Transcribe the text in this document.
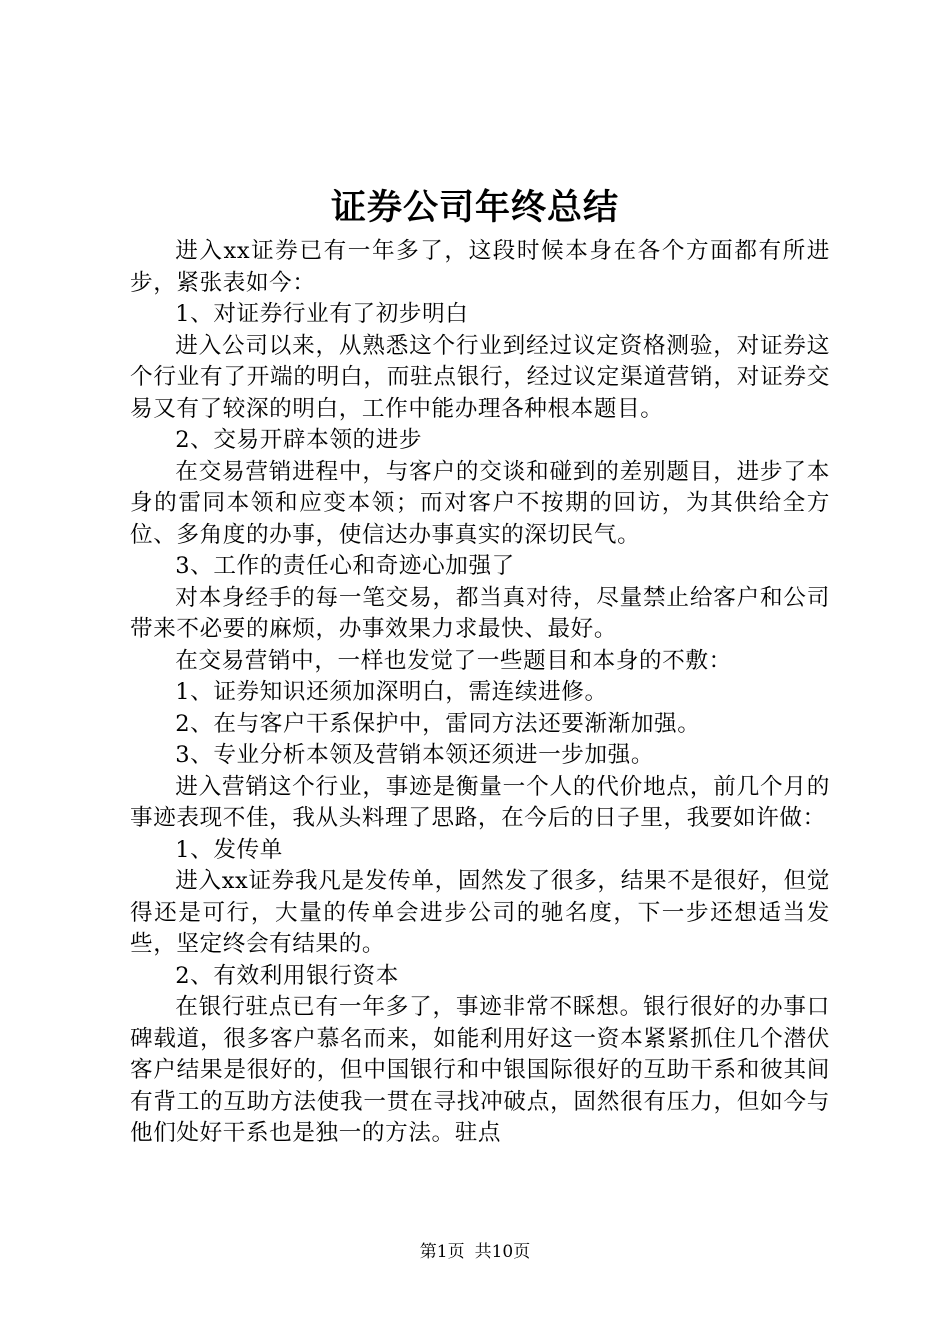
证券公司年终总结

进入xx证券已有一年多了，这段时候本身在各个方面都有所进步，紧张表如今：

1、对证券行业有了初步明白

进入公司以来，从熟悉这个行业到经过议定资格测验，对证券这个行业有了开端的明白，而驻点银行，经过议定渠道营销，对证券交易又有了较深的明白，工作中能办理各种根本题目。

2、交易开辟本领的进步

在交易营销进程中，与客户的交谈和碰到的差别题目，进步了本身的雷同本领和应变本领；而对客户不按期的回访，为其供给全方位、多角度的办事，使信达办事真实的深切民气。

3、工作的责任心和奇迹心加强了

对本身经手的每一笔交易，都当真对待，尽量禁止给客户和公司带来不必要的麻烦，办事效果力求最快、最好。

在交易营销中，一样也发觉了一些题目和本身的不敷：

1、证券知识还须加深明白，需连续进修。

2、在与客户干系保护中，雷同方法还要渐渐加强。

3、专业分析本领及营销本领还须进一步加强。

进入营销这个行业，事迹是衡量一个人的代价地点，前几个月的事迹表现不佳，我从头料理了思路，在今后的日子里，我要如许做：

1、发传单

进入xx证券我凡是发传单，固然发了很多，结果不是很好，但觉得还是可行，大量的传单会进步公司的驰名度，下一步还想适当发些，坚定终会有结果的。

2、有效利用银行资本

在银行驻点已有一年多了，事迹非常不睬想。银行很好的办事口碑载道，很多客户慕名而来，如能利用好这一资本紧紧抓住几个潜伏客户结果是很好的，但中国银行和中银国际很好的互助干系和彼其间有背工的互助方法使我一贯在寻找冲破点，固然很有压力，但如今与他们处好干系也是独一的方法。驻点

第1页 共10页
